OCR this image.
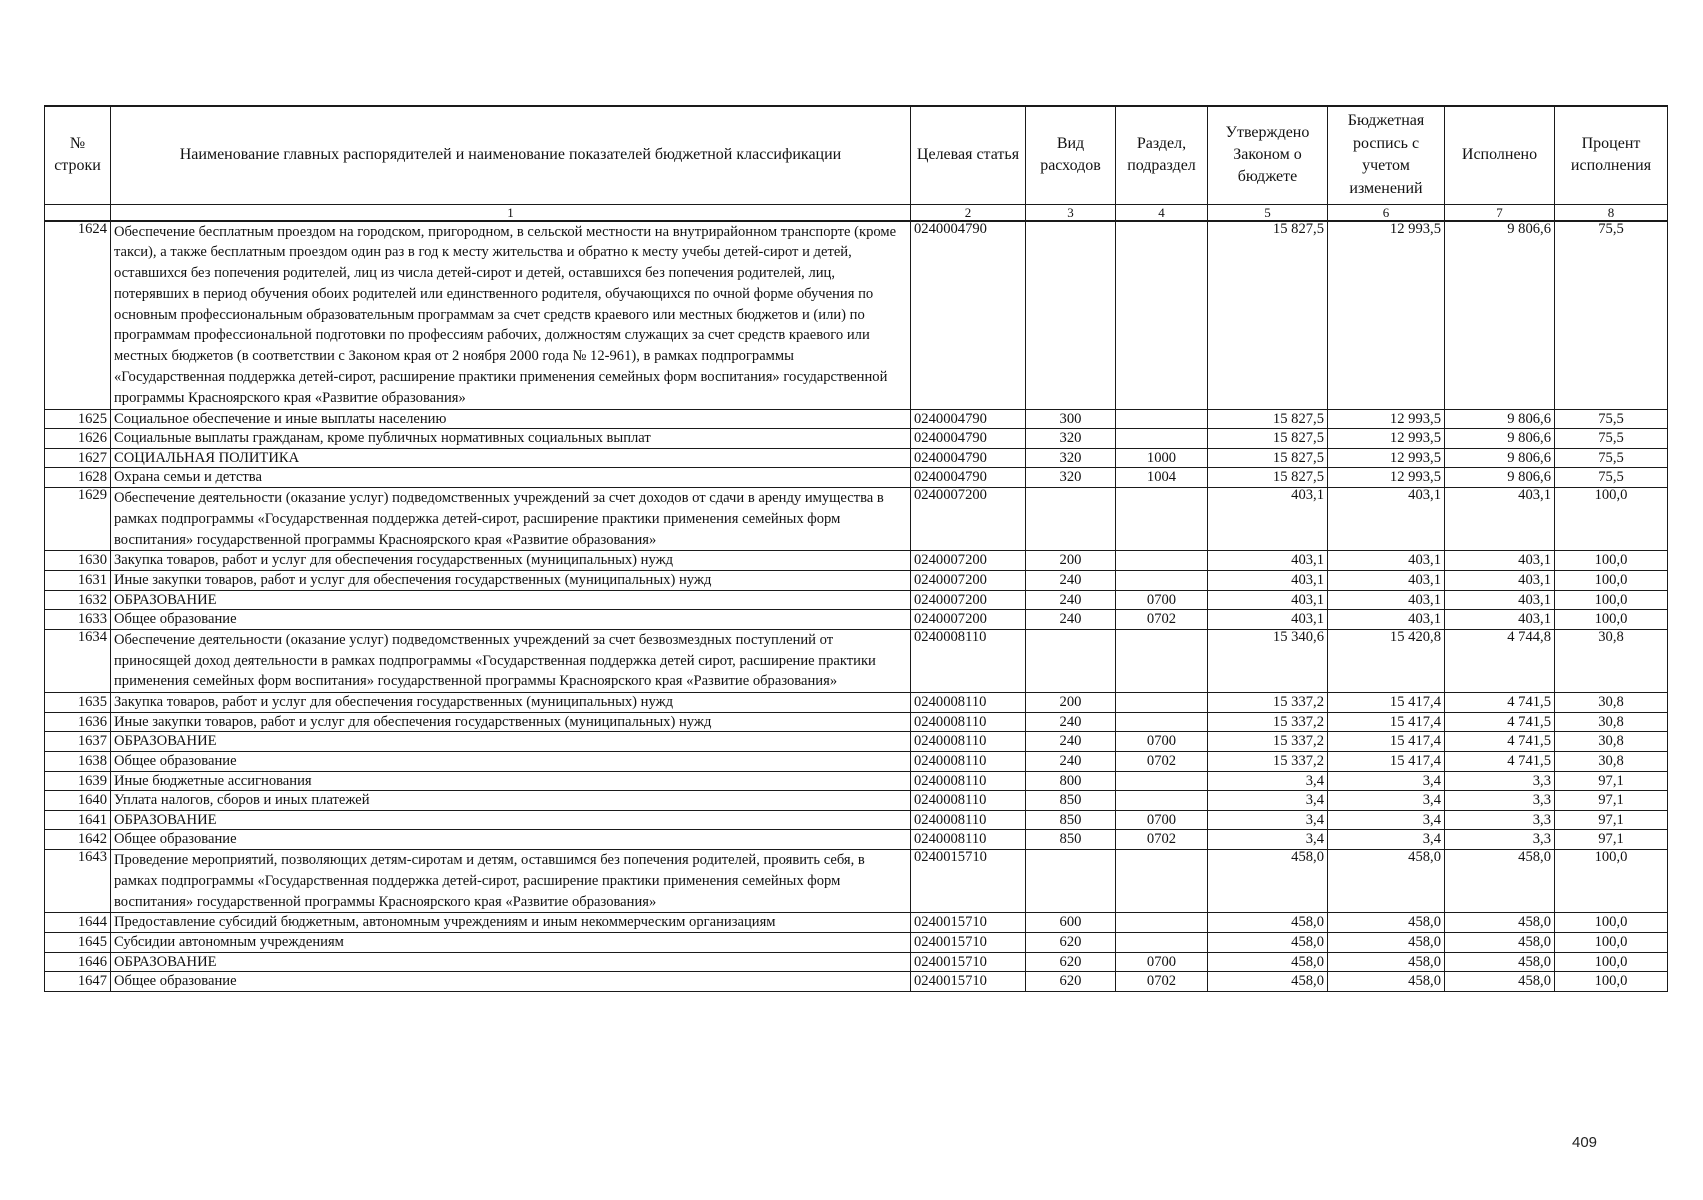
№ строки	Наименование главных распорядителей и наименование показателей бюджетной классификации	Целевая статья	Вид расходов	Раздел, подраздел	Утверждено Законом о бюджете	Бюджетная роспись с учетом изменений	Исполнено	Процент исполнения
	1	2	3	4	5	6	7	8
1624	Обеспечение бесплатным проездом на городском, пригородном, в сельской местности на внутрирайонном транспорте (кроме такси), а также бесплатным проездом один раз в год к месту жительства и обратно к месту учебы детей-сирот и детей, оставшихся без попечения родителей, лиц из числа детей-сирот и детей, оставшихся без попечения родителей, лиц, потерявших в период обучения обоих родителей или единственного родителя, обучающихся по очной форме обучения по основным профессиональным образовательным программам за счет средств краевого или местных бюджетов и (или) по программам профессиональной подготовки по профессиям рабочих, должностям служащих за счет средств краевого или местных бюджетов (в соответствии с Законом края от 2 ноября 2000 года № 12-961), в рамках подпрограммы «Государственная поддержка детей-сирот, расширение практики применения семейных форм воспитания» государственной программы Красноярского края «Развитие образования»	0240004790			15 827,5	12 993,5	9 806,6	75,5
1625	Социальное обеспечение и иные выплаты населению	0240004790	300		15 827,5	12 993,5	9 806,6	75,5
1626	Социальные выплаты гражданам, кроме публичных нормативных социальных выплат	0240004790	320		15 827,5	12 993,5	9 806,6	75,5
1627	СОЦИАЛЬНАЯ ПОЛИТИКА	0240004790	320	1000	15 827,5	12 993,5	9 806,6	75,5
1628	Охрана семьи и детства	0240004790	320	1004	15 827,5	12 993,5	9 806,6	75,5
1629	Обеспечение деятельности (оказание услуг) подведомственных учреждений за счет доходов от сдачи в аренду имущества в рамках подпрограммы «Государственная поддержка детей-сирот, расширение практики применения семейных форм воспитания» государственной программы Красноярского края «Развитие образования»	0240007200			403,1	403,1	403,1	100,0
1630	Закупка товаров, работ и услуг для обеспечения государственных (муниципальных) нужд	0240007200	200		403,1	403,1	403,1	100,0
1631	Иные закупки товаров, работ и услуг для обеспечения государственных (муниципальных) нужд	0240007200	240		403,1	403,1	403,1	100,0
1632	ОБРАЗОВАНИЕ	0240007200	240	0700	403,1	403,1	403,1	100,0
1633	Общее образование	0240007200	240	0702	403,1	403,1	403,1	100,0
1634	Обеспечение деятельности (оказание услуг) подведомственных учреждений за счет безвозмездных поступлений от приносящей доход деятельности в рамках подпрограммы «Государственная поддержка детей сирот, расширение практики применения семейных форм воспитания» государственной программы Красноярского края «Развитие образования»	0240008110			15 340,6	15 420,8	4 744,8	30,8
1635	Закупка товаров, работ и услуг для обеспечения государственных (муниципальных) нужд	0240008110	200		15 337,2	15 417,4	4 741,5	30,8
1636	Иные закупки товаров, работ и услуг для обеспечения государственных (муниципальных) нужд	0240008110	240		15 337,2	15 417,4	4 741,5	30,8
1637	ОБРАЗОВАНИЕ	0240008110	240	0700	15 337,2	15 417,4	4 741,5	30,8
1638	Общее образование	0240008110	240	0702	15 337,2	15 417,4	4 741,5	30,8
1639	Иные бюджетные ассигнования	0240008110	800		3,4	3,4	3,3	97,1
1640	Уплата налогов, сборов и иных платежей	0240008110	850		3,4	3,4	3,3	97,1
1641	ОБРАЗОВАНИЕ	0240008110	850	0700	3,4	3,4	3,3	97,1
1642	Общее образование	0240008110	850	0702	3,4	3,4	3,3	97,1
1643	Проведение мероприятий, позволяющих детям-сиротам и детям, оставшимся без попечения родителей, проявить себя, в рамках подпрограммы «Государственная поддержка детей-сирот, расширение практики применения семейных форм воспитания» государственной программы Красноярского края «Развитие образования»	0240015710			458,0	458,0	458,0	100,0
1644	Предоставление субсидий бюджетным, автономным учреждениям и иным некоммерческим организациям	0240015710	600		458,0	458,0	458,0	100,0
1645	Субсидии автономным учреждениям	0240015710	620		458,0	458,0	458,0	100,0
1646	ОБРАЗОВАНИЕ	0240015710	620	0700	458,0	458,0	458,0	100,0
1647	Общее образование	0240015710	620	0702	458,0	458,0	458,0	100,0
409
